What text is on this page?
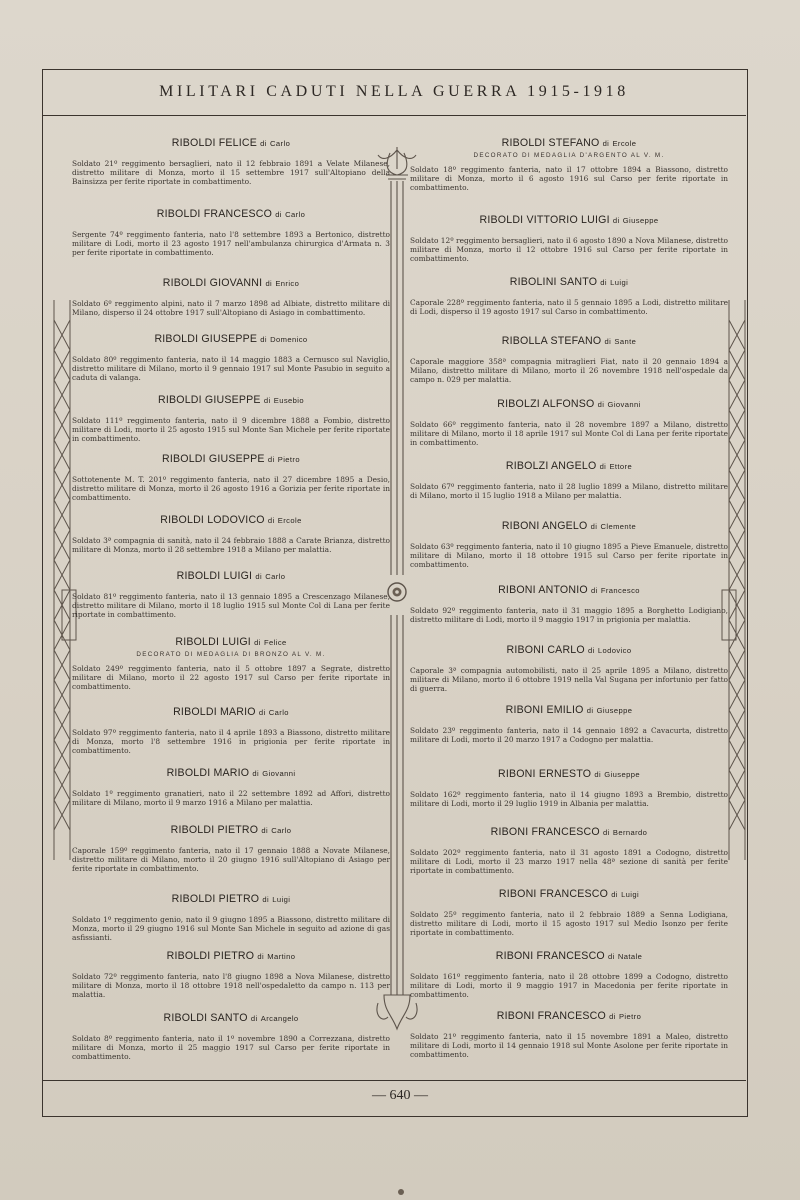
MILITARI CADUTI NELLA GUERRA 1915-1918
RIBOLDI FELICE di Carlo
Soldato 21º reggimento bersaglieri, nato il 12 febbraio 1891 a Velate Milanese, distretto militare di Monza, morto il 15 settembre 1917 sull'Altopiano della Bainsizza per ferite riportate in combattimento.
RIBOLDI FRANCESCO di Carlo
Sergente 74º reggimento fanteria, nato l'8 settembre 1893 a Bertonico, distretto militare di Lodi, morto il 23 agosto 1917 nell'ambulanza chirurgica d'Armata n. 3 per ferite riportate in combattimento.
RIBOLDI GIOVANNI di Enrico
Soldato 6º reggimento alpini, nato il 7 marzo 1898 ad Albiate, distretto militare di Milano, disperso il 24 ottobre 1917 sull'Altopiano di Asiago in combattimento.
RIBOLDI GIUSEPPE di Domenico
Soldato 80º reggimento fanteria, nato il 14 maggio 1883 a Cernusco sul Naviglio, distretto militare di Milano, morto il 9 gennaio 1917 sul Monte Pasubio in seguito a caduta di valanga.
RIBOLDI GIUSEPPE di Eusebio
Soldato 111º reggimento fanteria, nato il 9 dicembre 1888 a Fombio, distretto militare di Lodi, morto il 25 agosto 1915 sul Monte San Michele per ferite riportate in combattimento.
RIBOLDI GIUSEPPE di Pietro
Sottotenente M. T. 201º reggimento fanteria, nato il 27 dicembre 1895 a Desio, distretto militare di Monza, morto il 26 agosto 1916 a Gorizia per ferite riportate in combattimento.
RIBOLDI LODOVICO di Ercole
Soldato 3ª compagnia di sanità, nato il 24 febbraio 1888 a Carate Brianza, distretto militare di Monza, morto il 28 settembre 1918 a Milano per malattia.
RIBOLDI LUIGI di Carlo
Soldato 81º reggimento fanteria, nato il 13 gennaio 1895 a Crescenzago Milanese, distretto militare di Milano, morto il 18 luglio 1915 sul Monte Col di Lana per ferite riportate in combattimento.
RIBOLDI LUIGI di Felice
DECORATO DI MEDAGLIA DI BRONZO AL V. M.
Soldato 249º reggimento fanteria, nato il 5 ottobre 1897 a Segrate, distretto militare di Milano, morto il 22 agosto 1917 sul Carso per ferite riportate in combattimento.
RIBOLDI MARIO di Carlo
Soldato 97º reggimento fanteria, nato il 4 aprile 1893 a Biassono, distretto militare di Monza, morto l'8 settembre 1916 in prigionia per ferite riportate in combattimento.
RIBOLDI MARIO di Giovanni
Soldato 1º reggimento granatieri, nato il 22 settembre 1892 ad Affori, distretto militare di Milano, morto il 9 marzo 1916 a Milano per malattia.
RIBOLDI PIETRO di Carlo
Caporale 159º reggimento fanteria, nato il 17 gennaio 1888 a Novate Milanese, distretto militare di Milano, morto il 20 giugno 1916 sull'Altopiano di Asiago per ferite riportate in combattimento.
RIBOLDI PIETRO di Luigi
Soldato 1º reggimento genio, nato il 9 giugno 1895 a Biassono, distretto militare di Monza, morto il 29 giugno 1916 sul Monte San Michele in seguito ad azione di gas asfissianti.
RIBOLDI PIETRO di Martino
Soldato 72º reggimento fanteria, nato l'8 giugno 1898 a Nova Milanese, distretto militare di Monza, morto il 18 ottobre 1918 nell'ospedaletto da campo n. 113 per malattia.
RIBOLDI SANTO di Arcangelo
Soldato 8º reggimento fanteria, nato il 1º novembre 1890 a Correzzana, distretto militare di Monza, morto il 25 maggio 1917 sul Carso per ferite riportate in combattimento.
RIBOLDI STEFANO di Ercole
DECORATO DI MEDAGLIA D'ARGENTO AL V. M.
Soldato 18º reggimento fanteria, nato il 17 ottobre 1894 a Biassono, distretto militare di Monza, morto il 6 agosto 1916 sul Carso per ferite riportate in combattimento.
RIBOLDI VITTORIO LUIGI di Giuseppe
Soldato 12º reggimento bersaglieri, nato il 6 agosto 1890 a Nova Milanese, distretto militare di Monza, morto il 12 ottobre 1916 sul Carso per ferite riportate in combattimento.
RIBOLINI SANTO di Luigi
Caporale 228º reggimento fanteria, nato il 5 gennaio 1895 a Lodi, distretto militare di Lodi, disperso il 19 agosto 1917 sul Carso in combattimento.
RIBOLLA STEFANO di Sante
Caporale maggiore 358ª compagnia mitraglieri Fiat, nato il 20 gennaio 1894 a Milano, distretto militare di Milano, morto il 26 novembre 1918 nell'ospedale da campo n. 029 per malattia.
RIBOLZI ALFONSO di Giovanni
Soldato 66º reggimento fanteria, nato il 28 novembre 1897 a Milano, distretto militare di Milano, morto il 18 aprile 1917 sul Monte Col di Lana per ferite riportate in combattimento.
RIBOLZI ANGELO di Ettore
Soldato 67º reggimento fanteria, nato il 28 luglio 1899 a Milano, distretto militare di Milano, morto il 15 luglio 1918 a Milano per malattia.
RIBONI ANGELO di Clemente
Soldato 63º reggimento fanteria, nato il 10 giugno 1895 a Pieve Emanuele, distretto militare di Milano, morto il 18 ottobre 1915 sul Carso per ferite riportate in combattimento.
RIBONI ANTONIO di Francesco
Soldato 92º reggimento fanteria, nato il 31 maggio 1895 a Borghetto Lodigiano, distretto militare di Lodi, morto il 9 maggio 1917 in prigionia per malattia.
RIBONI CARLO di Lodovico
Caporale 3ª compagnia automobilisti, nato il 25 aprile 1895 a Milano, distretto militare di Milano, morto il 6 ottobre 1919 nella Val Sugana per infortunio per fatto di guerra.
RIBONI EMILIO di Giuseppe
Soldato 23º reggimento fanteria, nato il 14 gennaio 1892 a Cavacurta, distretto militare di Lodi, morto il 20 marzo 1917 a Codogno per malattia.
RIBONI ERNESTO di Giuseppe
Soldato 162º reggimento fanteria, nato il 14 giugno 1893 a Brembio, distretto militare di Lodi, morto il 29 luglio 1919 in Albania per malattia.
RIBONI FRANCESCO di Bernardo
Soldato 202º reggimento fanteria, nato il 31 agosto 1891 a Codogno, distretto militare di Lodi, morto il 23 marzo 1917 nella 48ª sezione di sanità per ferite riportate in combattimento.
RIBONI FRANCESCO di Luigi
Soldato 25º reggimento fanteria, nato il 2 febbraio 1889 a Senna Lodigiana, distretto militare di Lodi, morto il 15 agosto 1917 sul Medio Isonzo per ferite riportate in combattimento.
RIBONI FRANCESCO di Natale
Soldato 161º reggimento fanteria, nato il 28 ottobre 1899 a Codogno, distretto militare di Lodi, morto il 9 maggio 1917 in Macedonia per ferite riportate in combattimento.
RIBONI FRANCESCO di Pietro
Soldato 21º reggimento fanteria, nato il 15 novembre 1891 a Maleo, distretto militare di Lodi, morto il 14 gennaio 1918 sul Monte Asolone per ferite riportate in combattimento.
— 640 —
